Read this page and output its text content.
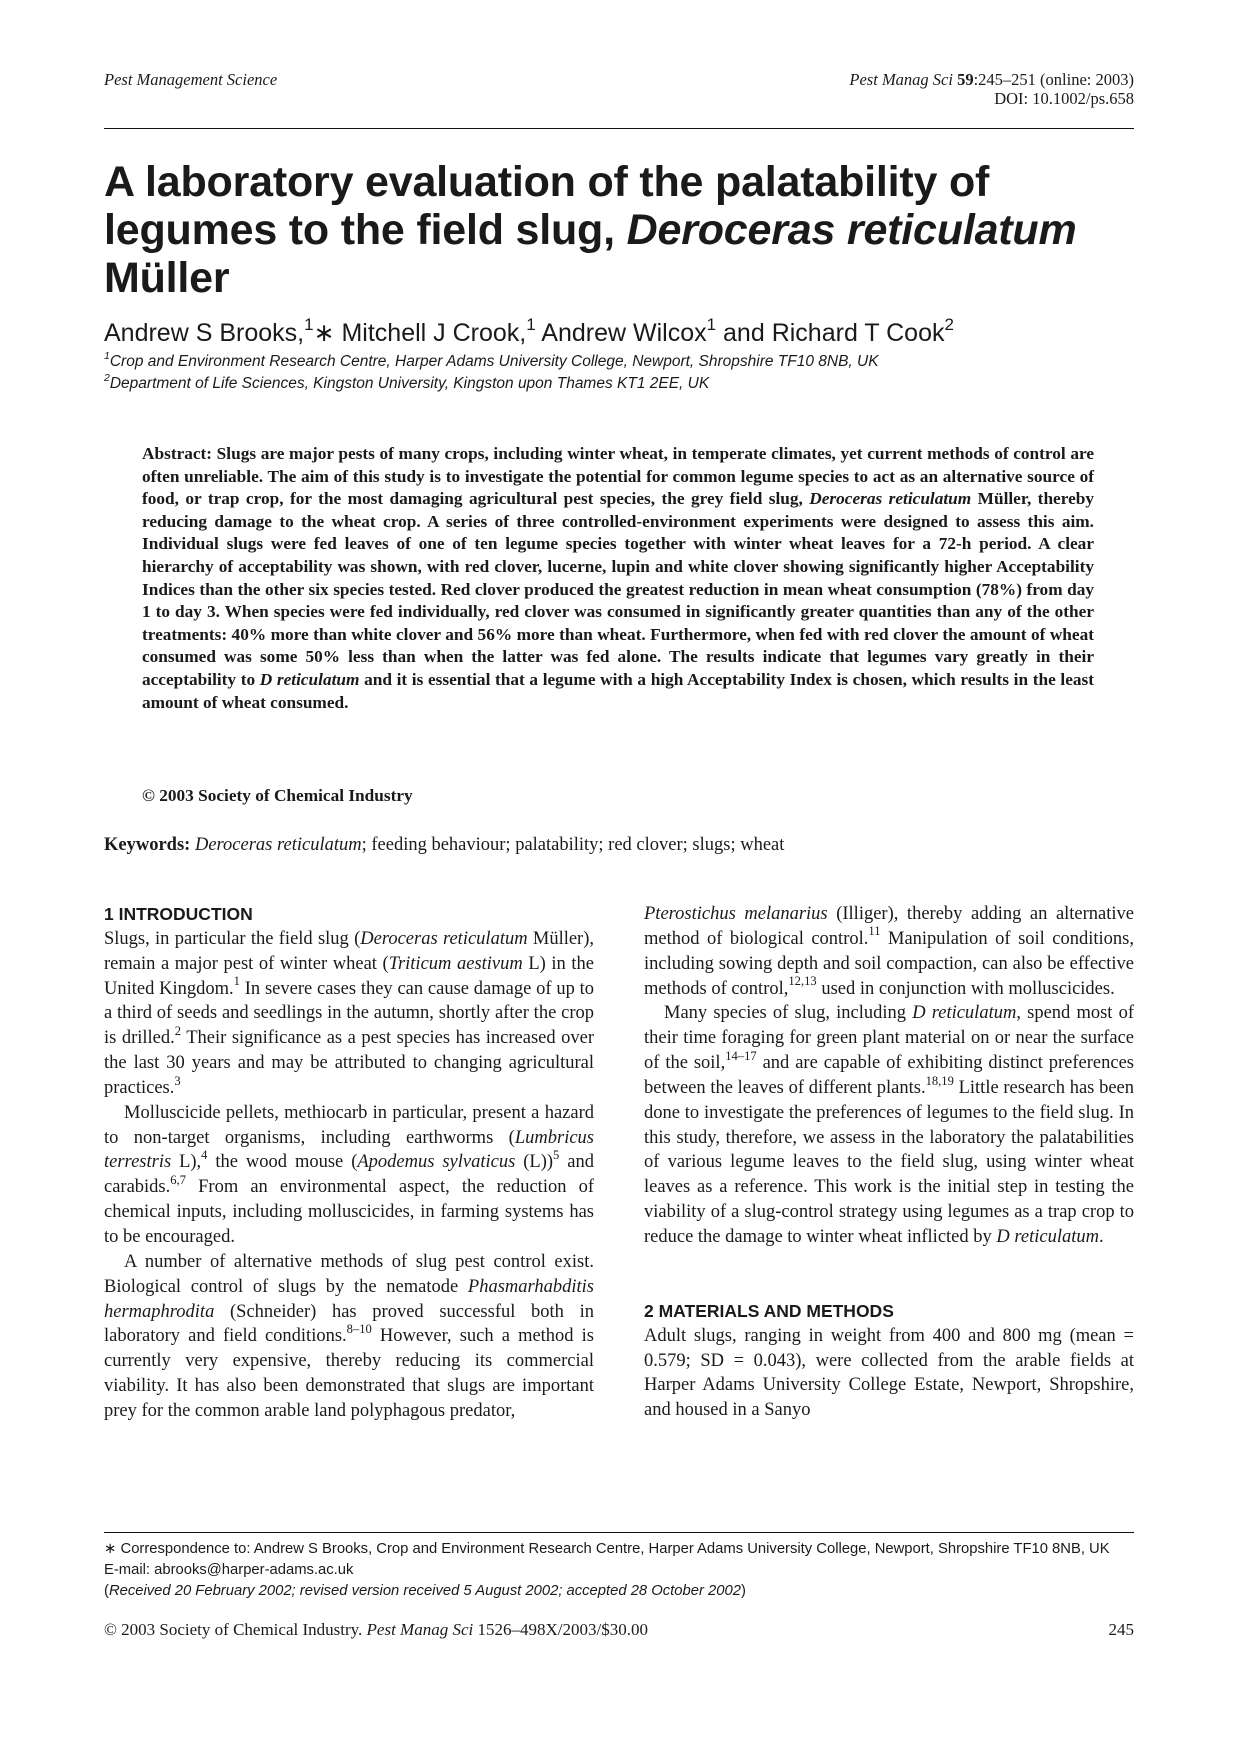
Pest Management Science	Pest Manag Sci 59:245–251 (online: 2003)
DOI: 10.1002/ps.658
A laboratory evaluation of the palatability of
legumes to the field slug, Deroceras reticulatum
Müller
Andrew S Brooks,$^1$∗ Mitchell J Crook,$^1$ Andrew Wilcox$^1$ and Richard T Cook$^2$
$^1$Crop and Environment Research Centre, Harper Adams University College, Newport, Shropshire TF10 8NB, UK
$^2$Department of Life Sciences, Kingston University, Kingston upon Thames KT1 2EE, UK
Abstract: Slugs are major pests of many crops, including winter wheat, in temperate climates, yet current methods of control are often unreliable. The aim of this study is to investigate the potential for common legume species to act as an alternative source of food, or trap crop, for the most damaging agricultural pest species, the grey field slug, Deroceras reticulatum Müller, thereby reducing damage to the wheat crop. A series of three controlled-environment experiments were designed to assess this aim. Individual slugs were fed leaves of one of ten legume species together with winter wheat leaves for a 72-h period. A clear hierarchy of acceptability was shown, with red clover, lucerne, lupin and white clover showing significantly higher Acceptability Indices than the other six species tested. Red clover produced the greatest reduction in mean wheat consumption (78%) from day 1 to day 3. When species were fed individually, red clover was consumed in significantly greater quantities than any of the other treatments: 40% more than white clover and 56% more than wheat. Furthermore, when fed with red clover the amount of wheat consumed was some 50% less than when the latter was fed alone. The results indicate that legumes vary greatly in their acceptability to D reticulatum and it is essential that a legume with a high Acceptability Index is chosen, which results in the least amount of wheat consumed.
© 2003 Society of Chemical Industry
Keywords: Deroceras reticulatum; feeding behaviour; palatability; red clover; slugs; wheat
1 INTRODUCTION

Slugs, in particular the field slug (Deroceras reticulatum Müller), remain a major pest of winter wheat (Triticum aestivum L) in the United Kingdom.$^1$ In severe cases they can cause damage of up to a third of seeds and seedlings in the autumn, shortly after the crop is drilled.$^2$ Their significance as a pest species has increased over the last 30 years and may be attributed to changing agricultural practices.$^3$

Molluscicide pellets, methiocarb in particular, present a hazard to non-target organisms, including earthworms (Lumbricus terrestris L),$^4$ the wood mouse (Apodemus sylvaticus (L))$^5$ and carabids.$^{6,7}$ From an environmental aspect, the reduction of chemical inputs, including molluscicides, in farming systems has to be encouraged.

A number of alternative methods of slug pest control exist. Biological control of slugs by the nematode Phasmarhabditis hermaphrodita (Schneider) has proved successful both in laboratory and field conditions.$^{8-10}$ However, such a method is currently very expensive, thereby reducing its commercial viability. It has also been demonstrated that slugs are important prey for the common arable land polyphagous predator,

Pterostichus melanarius (Illiger), thereby adding an alternative method of biological control.$^{11}$ Manipulation of soil conditions, including sowing depth and soil compaction, can also be effective methods of control,$^{12,13}$ used in conjunction with molluscicides.

Many species of slug, including D reticulatum, spend most of their time foraging for green plant material on or near the surface of the soil,$^{14-17}$ and are capable of exhibiting distinct preferences between the leaves of different plants.$^{18,19}$ Little research has been done to investigate the preferences of legumes to the field slug. In this study, therefore, we assess in the laboratory the palatabilities of various legume leaves to the field slug, using winter wheat leaves as a reference. This work is the initial step in testing the viability of a slug-control strategy using legumes as a trap crop to reduce the damage to winter wheat inflicted by D reticulatum.

2 MATERIALS AND METHODS

Adult slugs, ranging in weight from 400 and 800 mg (mean = 0.579; SD = 0.043), were collected from the arable fields at Harper Adams University College Estate, Newport, Shropshire, and housed in a Sanyo

∗ Correspondence to: Andrew S Brooks, Crop and Environment Research Centre, Harper Adams University College, Newport, Shropshire TF10 8NB, UK
E-mail: abrooks@harper-adams.ac.uk
(Received 20 February 2002; revised version received 5 August 2002; accepted 28 October 2002)
© 2003 Society of Chemical Industry. Pest Manag Sci 1526–498X/2003/$30.00	245
